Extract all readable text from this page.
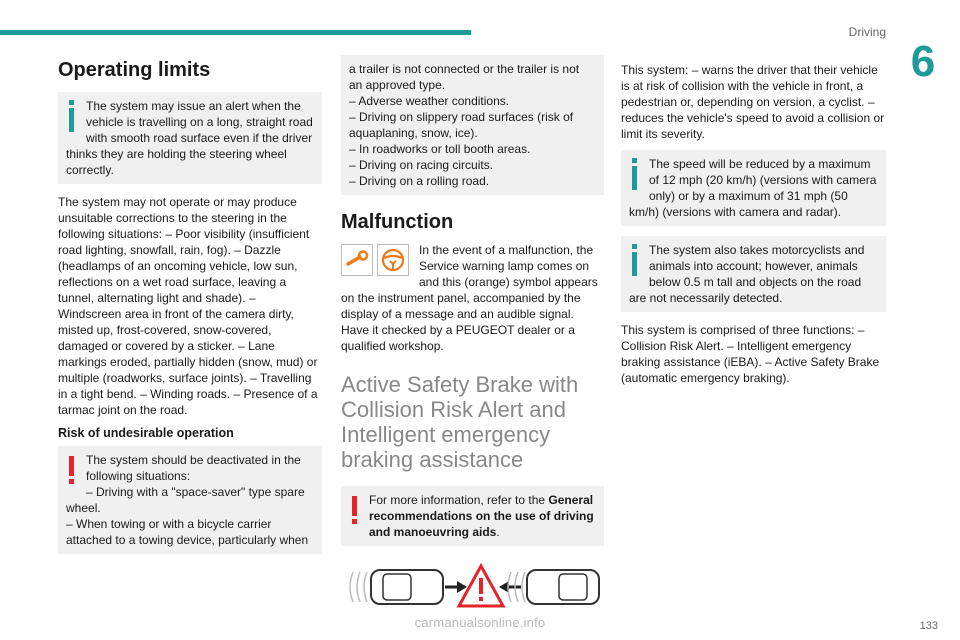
Driving
6
Operating limits
The system may issue an alert when the vehicle is travelling on a long, straight road with smooth road surface even if the driver thinks they are holding the steering wheel correctly.

The system may not operate or may produce unsuitable corrections to the steering in the following situations: – Poor visibility (insufficient road lighting, snowfall, rain, fog). – Dazzle (headlamps of an oncoming vehicle, low sun, reflections on a wet road surface, leaving a tunnel, alternating light and shade). – Windscreen area in front of the camera dirty, misted up, frost-covered, snow-covered, damaged or covered by a sticker. – Lane markings eroded, partially hidden (snow, mud) or multiple (roadworks, surface joints). – Travelling in a tight bend. – Winding roads. – Presence of a tarmac joint on the road.

Risk of undesirable operation
The system should be deactivated in the
following situations:
– Driving with a "space-saver" type spare
wheel.
– When towing or with a bicycle carrier
attached to a towing device, particularly when
a trailer is not connected or the trailer is not
an approved type.
– Adverse weather conditions.
– Driving on slippery road surfaces (risk of
aquaplaning, snow, ice).
– In roadworks or toll booth areas.
– Driving on racing circuits.
– Driving on a rolling road.
Malfunction

In the event of a malfunction, the Service warning lamp comes on and this (orange) symbol appears on the instrument panel, accompanied by the display of a message and an audible signal. Have it checked by a PEUGEOT dealer or a qualified workshop.

Active Safety Brake with Collision Risk Alert and Intelligent emergency braking assistance
For more information, refer to the General recommendations on the use of driving and manoeuvring aids.

This system: – warns the driver that their vehicle is at risk of collision with the vehicle in front, a pedestrian or, depending on version, a cyclist. – reduces the vehicle's speed to avoid a collision or limit its severity.

The speed will be reduced by a maximum of 12 mph (20 km/h) (versions with camera only) or by a maximum of 31 mph (50 km/h) (versions with camera and radar).
The system also takes motorcyclists and animals into account; however, animals below 0.5 m tall and objects on the road are not necessarily detected.

This system is comprised of three functions: – Collision Risk Alert. – Intelligent emergency braking assistance (iEBA). – Active Safety Brake (automatic emergency braking).

133
carmanualsonline.info
